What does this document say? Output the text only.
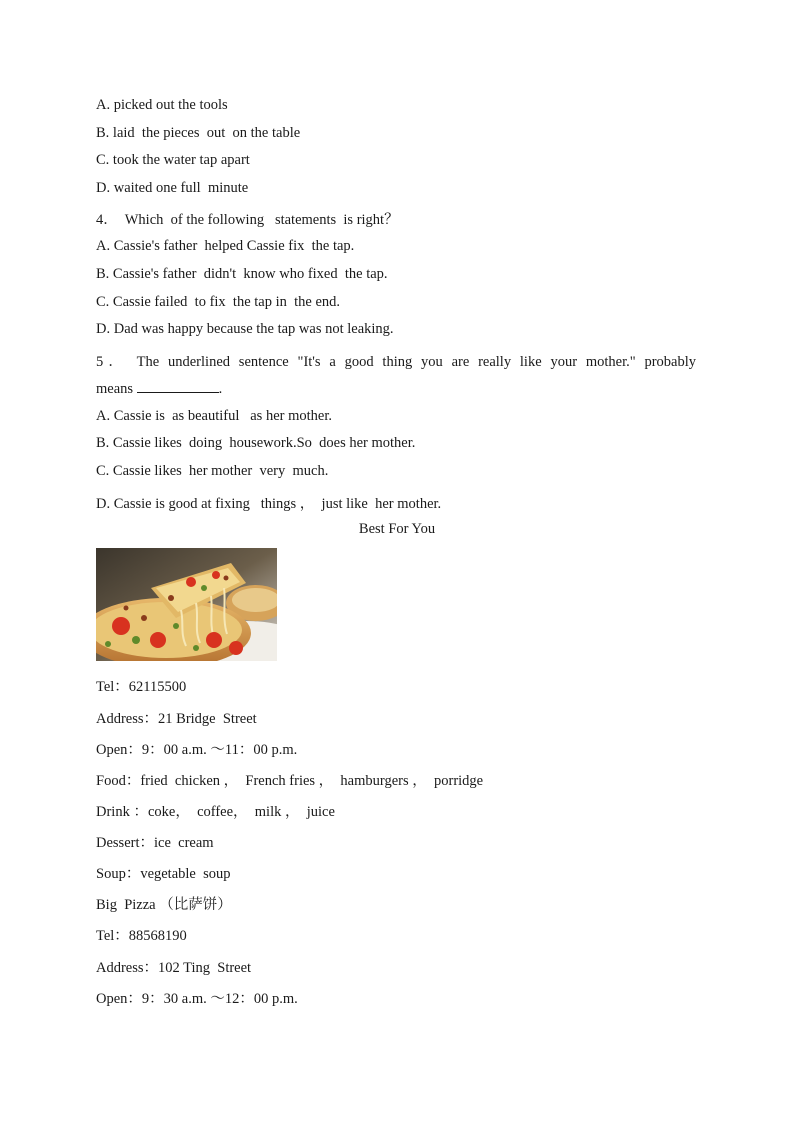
A. picked out the tools
B. laid  the pieces  out  on the table
C. took the water tap apart
D. waited one full  minute
4．  Which  of the following   statements  is right？
A. Cassie's father  helped Cassie fix  the tap.
B. Cassie's father  didn't  know who fixed  the tap.
C. Cassie failed  to fix  the tap in  the end.
D. Dad was happy because the tap was not leaking.
5． The underlined sentence "It's a good thing you are really like your mother." probably
means	.
A. Cassie is  as beautiful   as her mother.
B. Cassie likes  doing  housework.So  does her mother.
C. Cassie likes  her mother  very  much.
D. Cassie is good at fixing   things ，  just like  her mother.
Best For You
Tel：62115500
Address：21 Bridge  Street
Open：9：00 a.m. ～11：00 p.m.
Food：fried  chicken ，  French fries ，  hamburgers ，  porridge
Drink ：coke，  coffee，  milk ，  juice
Dessert：ice  cream
Soup：vegetable  soup
Big  Pizza （比萨饼）
Tel：88568190
Address：102 Ting  Street
Open：9：30 a.m. ～12：00 p.m.
